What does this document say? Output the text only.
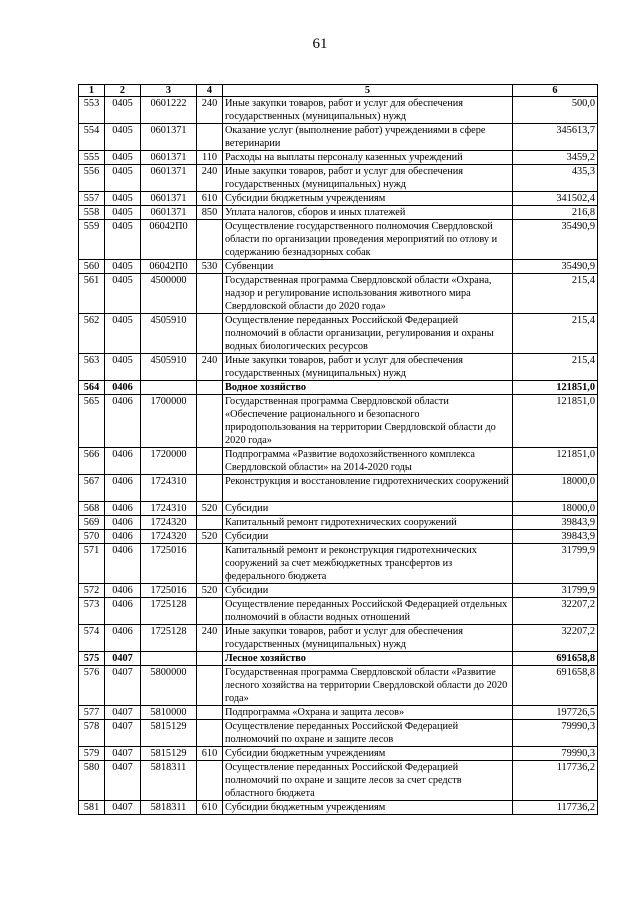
61
1	2	3	4	5	6
553	0405	0601222	240	Иные закупки товаров, работ и услуг для обеспечения государственных (муниципальных) нужд	500,0
554	0405	0601371		Оказание услуг (выполнение работ) учреждениями в сфере ветеринарии	345613,7
555	0405	0601371	110	Расходы на выплаты персоналу казенных учреждений	3459,2
556	0405	0601371	240	Иные закупки товаров, работ и услуг для обеспечения государственных (муниципальных) нужд	435,3
557	0405	0601371	610	Субсидии бюджетным учреждениям	341502,4
558	0405	0601371	850	Уплата налогов, сборов и иных платежей	216,8
559	0405	06042П0		Осуществление государственного полномочия Свердловской области по организации проведения мероприятий по отлову и содержанию безнадзорных собак	35490,9
560	0405	06042П0	530	Субвенции	35490,9
561	0405	4500000		Государственная программа Свердловской области «Охрана, надзор и регулирование использования животного мира Свердловской области до 2020 года»	215,4
562	0405	4505910		Осуществление переданных Российской Федерацией полномочий в области организации, регулирования и охраны водных биологических ресурсов	215,4
563	0405	4505910	240	Иные закупки товаров, работ и услуг для обеспечения государственных (муниципальных) нужд	215,4
564	0406			Водное хозяйство	121851,0
565	0406	1700000		Государственная программа Свердловской области «Обеспечение рационального и безопасного природопользования на территории Свердловской области до 2020 года»	121851,0
566	0406	1720000		Подпрограмма «Развитие водохозяйственного комплекса Свердловской области» на 2014-2020 годы	121851,0
567	0406	1724310		Реконструкция и восстановление гидротехнических сооружений	18000,0
568	0406	1724310	520	Субсидии	18000,0
569	0406	1724320		Капитальный ремонт гидротехнических сооружений	39843,9
570	0406	1724320	520	Субсидии	39843,9
571	0406	1725016		Капитальный ремонт и реконструкция гидротехнических сооружений за счет межбюджетных трансфертов из федерального бюджета	31799,9
572	0406	1725016	520	Субсидии	31799,9
573	0406	1725128		Осуществление переданных Российской Федерацией отдельных полномочий в области водных отношений	32207,2
574	0406	1725128	240	Иные закупки товаров, работ и услуг для обеспечения государственных (муниципальных) нужд	32207,2
575	0407			Лесное хозяйство	691658,8
576	0407	5800000		Государственная программа Свердловской области «Развитие лесного хозяйства на территории Свердловской области до 2020 года»	691658,8
577	0407	5810000		Подпрограмма «Охрана и защита лесов»	197726,5
578	0407	5815129		Осуществление переданных Российской Федерацией полномочий по охране и защите лесов	79990,3
579	0407	5815129	610	Субсидии бюджетным учреждениям	79990,3
580	0407	5818311		Осуществление переданных Российской Федерацией полномочий по охране и защите лесов за счет средств областного бюджета	117736,2
581	0407	5818311	610	Субсидии бюджетным учреждениям	117736,2
